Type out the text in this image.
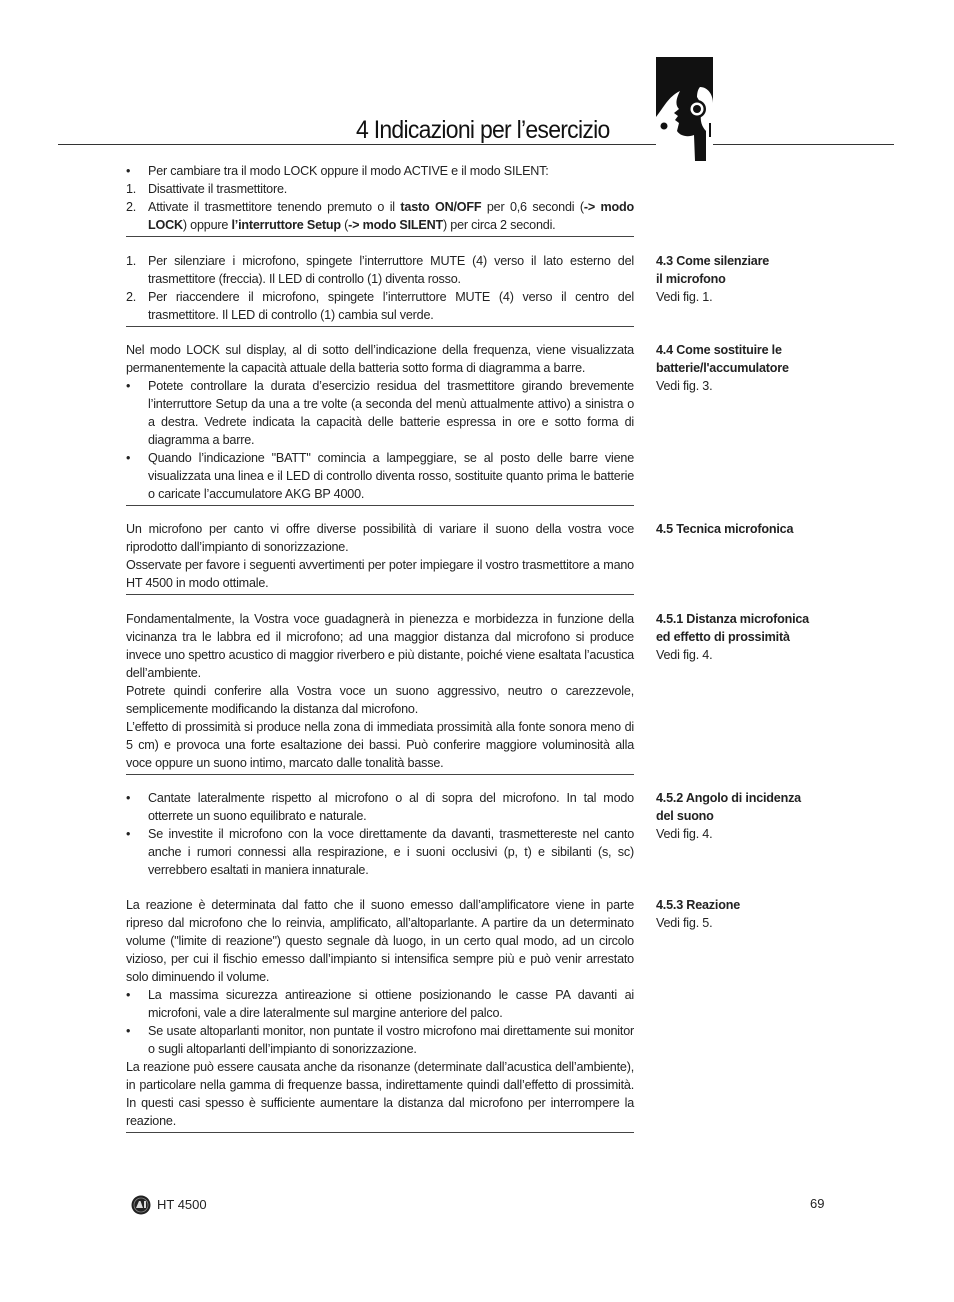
4 Indicazioni per l’esercizio
• Per cambiare tra il modo LOCK oppure il modo ACTIVE e il modo SILENT:
1. Disattivate il trasmettitore.
2. Attivate il trasmettitore tenendo premuto o il tasto ON/OFF per 0,6 secondi (-> modo LOCK) oppure l’interruttore Setup (-> modo SILENT) per circa 2 secondi.
1. Per silenziare i microfono, spingete l’interruttore MUTE (4) verso il lato esterno del trasmettitore (freccia). Il LED di controllo (1) diventa rosso.
2. Per riaccendere il microfono, spingete l’interruttore MUTE (4) verso il centro del trasmettitore. Il LED di controllo (1) cambia sul verde.
4.3 Come silenziare
il microfono
Vedi fig. 1.

Nel modo LOCK sul display, al di sotto dell’indicazione della frequenza, viene visualizzata permanentemente la capacità attuale della batteria sotto forma di diagramma a barre.

• Potete controllare la durata d’esercizio residua del trasmettitore girando brevemente l’interruttore Setup da una a tre volte (a seconda del menù attualmente attivo) a sinistra o a destra. Vedrete indicata la capacità delle batterie espressa in ore e sotto forma di diagramma a barre.
• Quando l’indicazione "BATT" comincia a lampeggiare, se al posto delle barre viene visualizzata una linea e il LED di controllo diventa rosso, sostituite quanto prima le batterie o caricate l’accumulatore AKG BP 4000.
4.4 Come sostituire le
batterie/l'accumulatore
Vedi fig. 3.

Un microfono per canto vi offre diverse possibilità di variare il suono della vostra voce riprodotto dall’impianto di sonorizzazione.

Osservate per favore i seguenti avvertimenti per poter impiegare il vostro trasmettitore a mano HT 4500 in modo ottimale.

4.5 Tecnica microfonica

Fondamentalmente, la Vostra voce guadagnerà in pienezza e morbidezza in funzione della vicinanza tra le labbra ed il microfono; ad una maggior distanza dal microfono si produce invece uno spettro acustico di maggior riverbero e più distante, poiché viene esaltata l’acustica dell’ambiente.

Potrete quindi conferire alla Vostra voce un suono aggressivo, neutro o carezzevole, semplicemente modificando la distanza dal microfono.

L’effetto di prossimità si produce nella zona di immediata prossimità alla fonte sonora meno di 5 cm) e provoca una forte esaltazione dei bassi. Può conferire maggiore voluminosità alla voce oppure un suono intimo, marcato dalle tonalità basse.

4.5.1 Distanza microfonica
ed effetto di prossimità
Vedi fig. 4.
• Cantate lateralmente rispetto al microfono o al di sopra del microfono. In tal modo otterrete un suono equilibrato e naturale.
• Se investite il microfono con la voce direttamente da davanti, trasmettereste nel canto anche i rumori connessi alla respirazione, e i suoni occlusivi (p, t) e sibilanti (s, sc) verrebbero esaltati in maniera innaturale.
4.5.2 Angolo di incidenza
del suono
Vedi fig. 4.

La reazione è determinata dal fatto che il suono emesso dall’amplificatore viene in parte ripreso dal microfono che lo reinvia, amplificato, all’altoparlante. A partire da un determinato volume ("limite di reazione") questo segnale dà luogo, in un certo qual modo, ad un circolo vizioso, per cui il fischio emesso dall’impianto si intensifica sempre più e può venir arrestato solo diminuendo il volume.

• La massima sicurezza antireazione si ottiene posizionando le casse PA davanti ai microfoni, vale a dire lateralmente sul margine anteriore del palco.
• Se usate altoparlanti monitor, non puntate il vostro microfono mai direttamente sui monitor o sugli altoparlanti dell’impianto di sonorizzazione.

La reazione può essere causata anche da risonanze (determinate dall’acustica dell’ambiente), in particolare nella gamma di frequenze bassa, indirettamente quindi dall’effetto di prossimità. In questi casi spesso è sufficiente aumentare la distanza dal microfono per interrompere la reazione.

4.5.3 Reazione
Vedi fig. 5.
HT 4500	69
